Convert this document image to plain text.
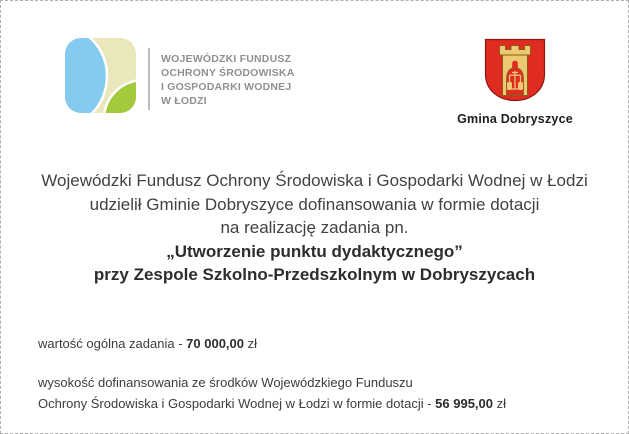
WOJEWÓDZKI FUNDUSZ
OCHRONY ŚRODOWISKA
I GOSPODARKI WODNEJ
W ŁODZI
Gmina Dobryszyce
Wojewódzki Fundusz Ochrony Środowiska i Gospodarki Wodnej w Łodzi
udzielił Gminie Dobryszyce dofinansowania w formie dotacji
na realizację zadania pn.
„Utworzenie punktu dydaktycznego”
przy Zespole Szkolno-Przedszkolnym w Dobryszycach
wartość ogólna zadania - 70 000,00 zł
wysokość dofinansowania ze środków Wojewódzkiego Funduszu
Ochrony Środowiska i Gospodarki Wodnej w Łodzi w formie dotacji - 56 995,00 zł
